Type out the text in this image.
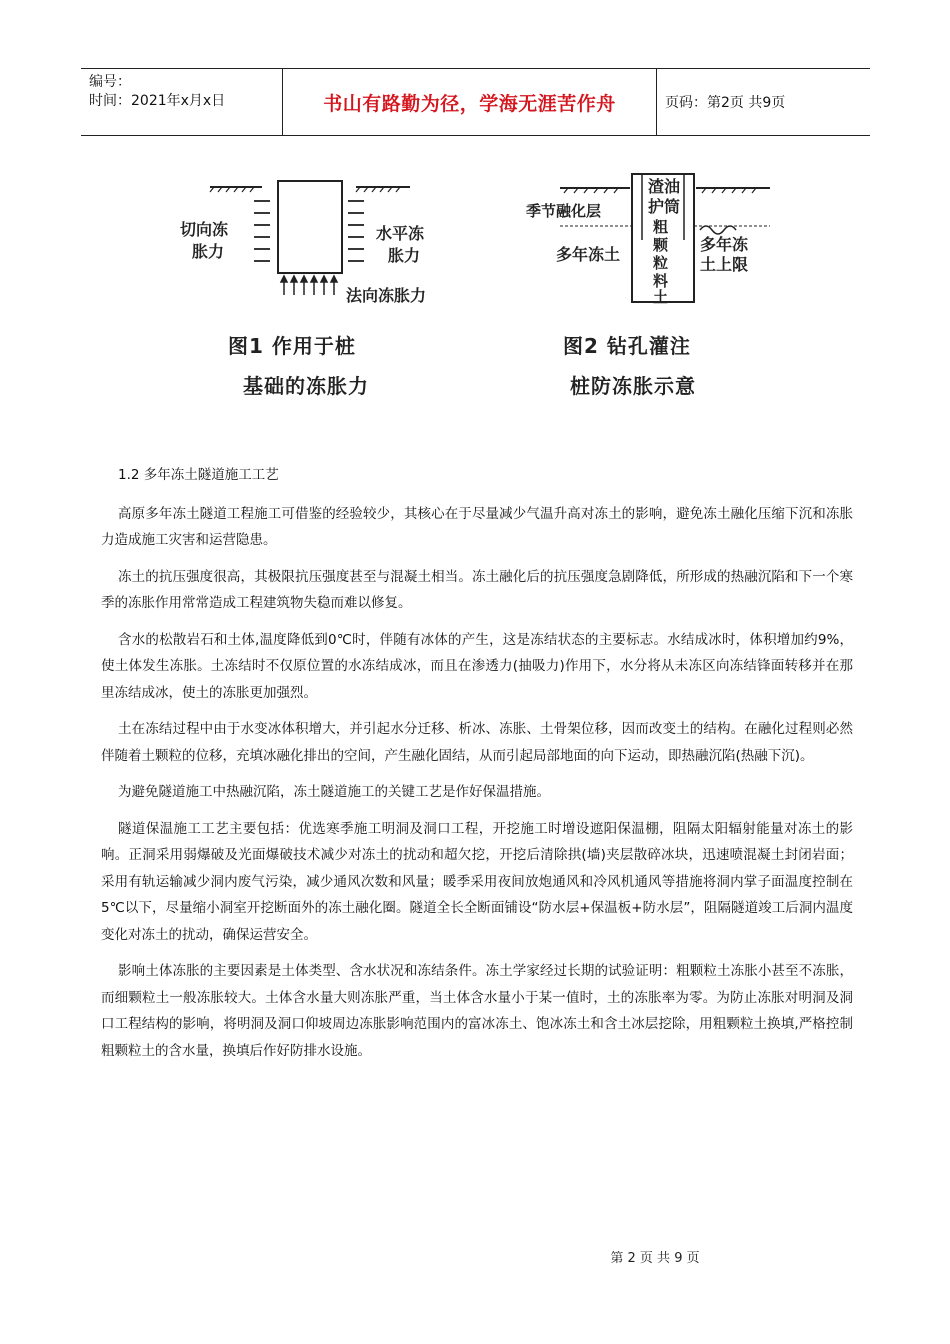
编号：
时间：2021年x月x日	书山有路勤为径，学海无涯苦作舟	页码：第2页 共9页
切向冻
胀力
水平冻
胀力
法向冻胀力
图1 作用于桩
基础的冻胀力
渣油
护筒
季节融化层
粗
颗
粒
料
土
多年冻土
多年冻
土上限
图2 钻孔灌注
桩防冻胀示意
1.2 多年冻土隧道施工工艺

高原多年冻土隧道工程施工可借鉴的经验较少，其核心在于尽量减少气温升高对冻土的影响，避免冻土融化压缩下沉和冻胀力造成施工灾害和运营隐患。

冻土的抗压强度很高，其极限抗压强度甚至与混凝土相当。冻土融化后的抗压强度急剧降低，所形成的热融沉陷和下一个寒季的冻胀作用常常造成工程建筑物失稳而难以修复。

含水的松散岩石和土体,温度降低到0℃时，伴随有冰体的产生，这是冻结状态的主要标志。水结成冰时，体积增加约9%，使土体发生冻胀。土冻结时不仅原位置的水冻结成冰，而且在渗透力(抽吸力)作用下，水分将从未冻区向冻结锋面转移并在那里冻结成冰，使土的冻胀更加强烈。

土在冻结过程中由于水变冰体积增大，并引起水分迁移、析冰、冻胀、土骨架位移，因而改变土的结构。在融化过程则必然伴随着土颗粒的位移，充填冰融化排出的空间，产生融化固结，从而引起局部地面的向下运动，即热融沉陷(热融下沉)。

为避免隧道施工中热融沉陷，冻土隧道施工的关键工艺是作好保温措施。

隧道保温施工工艺主要包括：优选寒季施工明洞及洞口工程，开挖施工时增设遮阳保温棚，阻隔太阳辐射能量对冻土的影响。正洞采用弱爆破及光面爆破技术减少对冻土的扰动和超欠挖，开挖后清除拱(墙)夹层散碎冰块，迅速喷混凝土封闭岩面；采用有轨运输减少洞内废气污染，减少通风次数和风量；暖季采用夜间放炮通风和冷风机通风等措施将洞内掌子面温度控制在5℃以下，尽量缩小洞室开挖断面外的冻土融化圈。隧道全长全断面铺设“防水层+保温板+防水层”，阻隔隧道竣工后洞内温度变化对冻土的扰动，确保运营安全。

影响土体冻胀的主要因素是土体类型、含水状况和冻结条件。冻土学家经过长期的试验证明：粗颗粒土冻胀小甚至不冻胀，而细颗粒土一般冻胀较大。土体含水量大则冻胀严重，当土体含水量小于某一值时，土的冻胀率为零。为防止冻胀对明洞及洞口工程结构的影响，将明洞及洞口仰坡周边冻胀影响范围内的富冰冻土、饱冰冻土和含土冰层挖除，用粗颗粒土换填,严格控制粗颗粒土的含水量，换填后作好防排水设施。

第 2 页 共 9 页
